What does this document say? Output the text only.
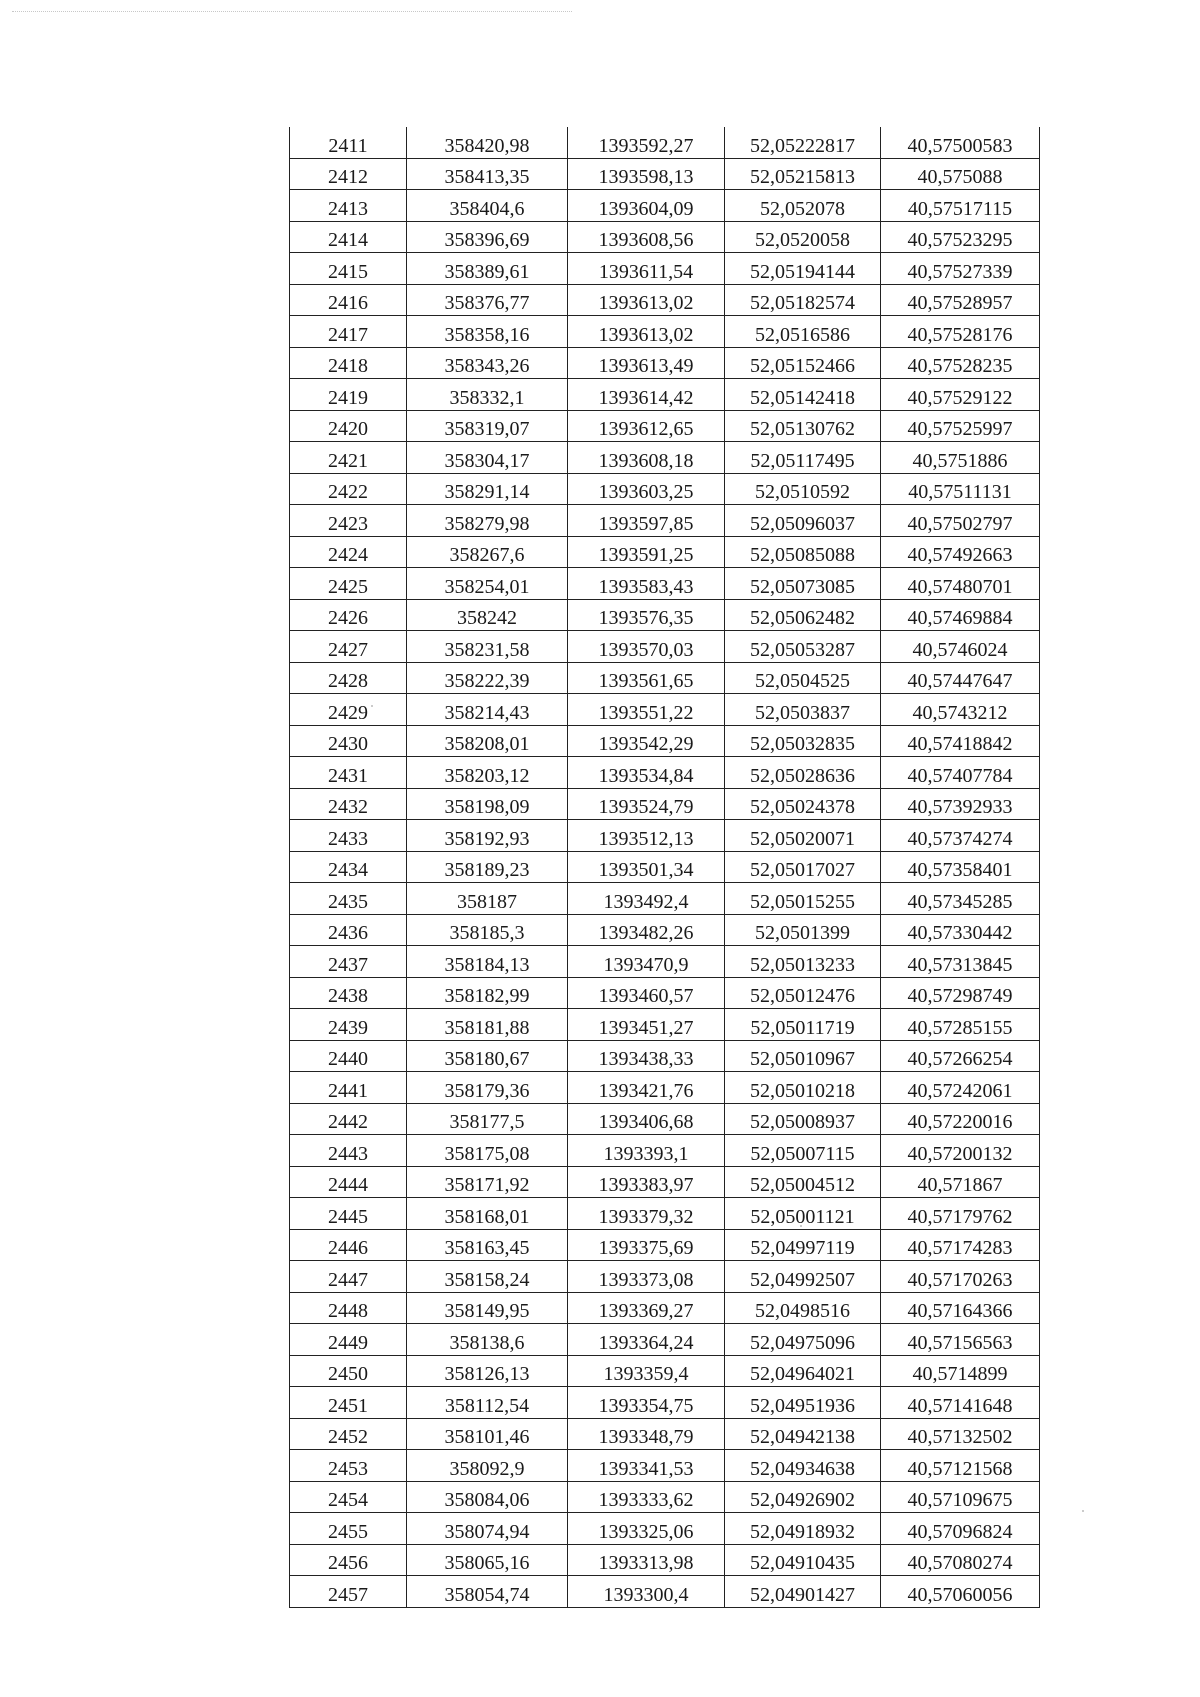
2411	358420,98	1393592,27	52,05222817	40,57500583
2412	358413,35	1393598,13	52,05215813	40,575088
2413	358404,6	1393604,09	52,052078	40,57517115
2414	358396,69	1393608,56	52,0520058	40,57523295
2415	358389,61	1393611,54	52,05194144	40,57527339
2416	358376,77	1393613,02	52,05182574	40,57528957
2417	358358,16	1393613,02	52,0516586	40,57528176
2418	358343,26	1393613,49	52,05152466	40,57528235
2419	358332,1	1393614,42	52,05142418	40,57529122
2420	358319,07	1393612,65	52,05130762	40,57525997
2421	358304,17	1393608,18	52,05117495	40,5751886
2422	358291,14	1393603,25	52,0510592	40,57511131
2423	358279,98	1393597,85	52,05096037	40,57502797
2424	358267,6	1393591,25	52,05085088	40,57492663
2425	358254,01	1393583,43	52,05073085	40,57480701
2426	358242	1393576,35	52,05062482	40,57469884
2427	358231,58	1393570,03	52,05053287	40,5746024
2428	358222,39	1393561,65	52,0504525	40,57447647
2429	358214,43	1393551,22	52,0503837	40,5743212
2430	358208,01	1393542,29	52,05032835	40,57418842
2431	358203,12	1393534,84	52,05028636	40,57407784
2432	358198,09	1393524,79	52,05024378	40,57392933
2433	358192,93	1393512,13	52,05020071	40,57374274
2434	358189,23	1393501,34	52,05017027	40,57358401
2435	358187	1393492,4	52,05015255	40,57345285
2436	358185,3	1393482,26	52,0501399	40,57330442
2437	358184,13	1393470,9	52,05013233	40,57313845
2438	358182,99	1393460,57	52,05012476	40,57298749
2439	358181,88	1393451,27	52,05011719	40,57285155
2440	358180,67	1393438,33	52,05010967	40,57266254
2441	358179,36	1393421,76	52,05010218	40,57242061
2442	358177,5	1393406,68	52,05008937	40,57220016
2443	358175,08	1393393,1	52,05007115	40,57200132
2444	358171,92	1393383,97	52,05004512	40,571867
2445	358168,01	1393379,32	52,05001121	40,57179762
2446	358163,45	1393375,69	52,04997119	40,57174283
2447	358158,24	1393373,08	52,04992507	40,57170263
2448	358149,95	1393369,27	52,0498516	40,57164366
2449	358138,6	1393364,24	52,04975096	40,57156563
2450	358126,13	1393359,4	52,04964021	40,5714899
2451	358112,54	1393354,75	52,04951936	40,57141648
2452	358101,46	1393348,79	52,04942138	40,57132502
2453	358092,9	1393341,53	52,04934638	40,57121568
2454	358084,06	1393333,62	52,04926902	40,57109675
2455	358074,94	1393325,06	52,04918932	40,57096824
2456	358065,16	1393313,98	52,04910435	40,57080274
2457	358054,74	1393300,4	52,04901427	40,57060056
